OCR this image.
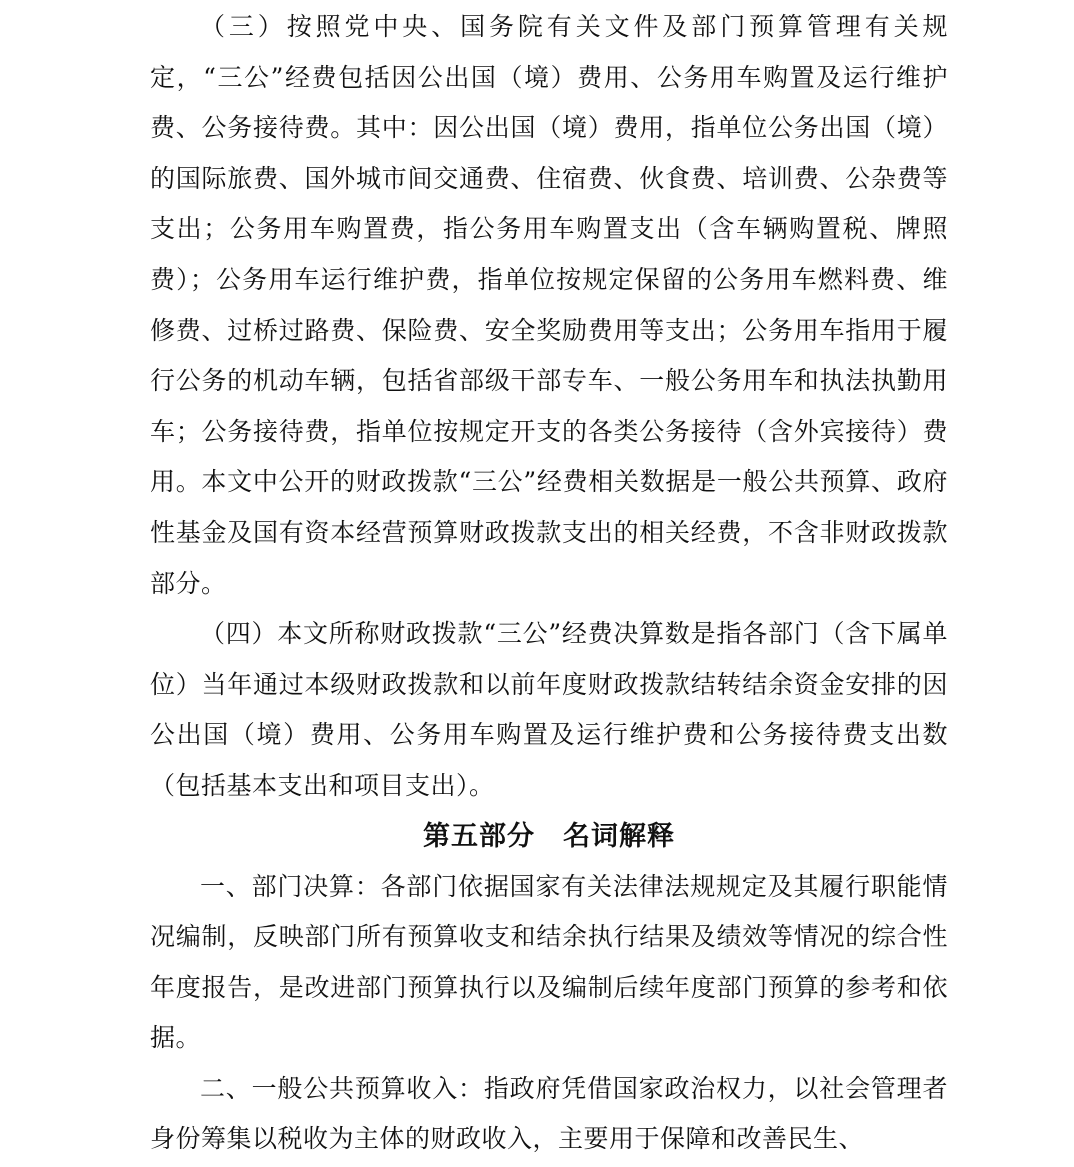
（三）按照党中央、国务院有关文件及部门预算管理有关规定，“三公”经费包括因公出国（境）费用、公务用车购置及运行维护费、公务接待费。其中：因公出国（境）费用，指单位公务出国（境）的国际旅费、国外城市间交通费、住宿费、伙食费、培训费、公杂费等支出；公务用车购置费，指公务用车购置支出（含车辆购置税、牌照费）；公务用车运行维护费，指单位按规定保留的公务用车燃料费、维修费、过桥过路费、保险费、安全奖励费用等支出；公务用车指用于履行公务的机动车辆，包括省部级干部专车、一般公务用车和执法执勤用车；公务接待费，指单位按规定开支的各类公务接待（含外宾接待）费用。本文中公开的财政拨款“三公”经费相关数据是一般公共预算、政府性基金及国有资本经营预算财政拨款支出的相关经费，不含非财政拨款部分。

（四）本文所称财政拨款“三公”经费决算数是指各部门（含下属单位）当年通过本级财政拨款和以前年度财政拨款结转结余资金安排的因公出国（境）费用、公务用车购置及运行维护费和公务接待费支出数（包括基本支出和项目支出）。

第五部分　名词解释

一、部门决算：各部门依据国家有关法律法规规定及其履行职能情况编制，反映部门所有预算收支和结余执行结果及绩效等情况的综合性年度报告，是改进部门预算执行以及编制后续年度部门预算的参考和依据。

二、一般公共预算收入：指政府凭借国家政治权力，以社会管理者身份筹集以税收为主体的财政收入，主要用于保障和改善民生、
